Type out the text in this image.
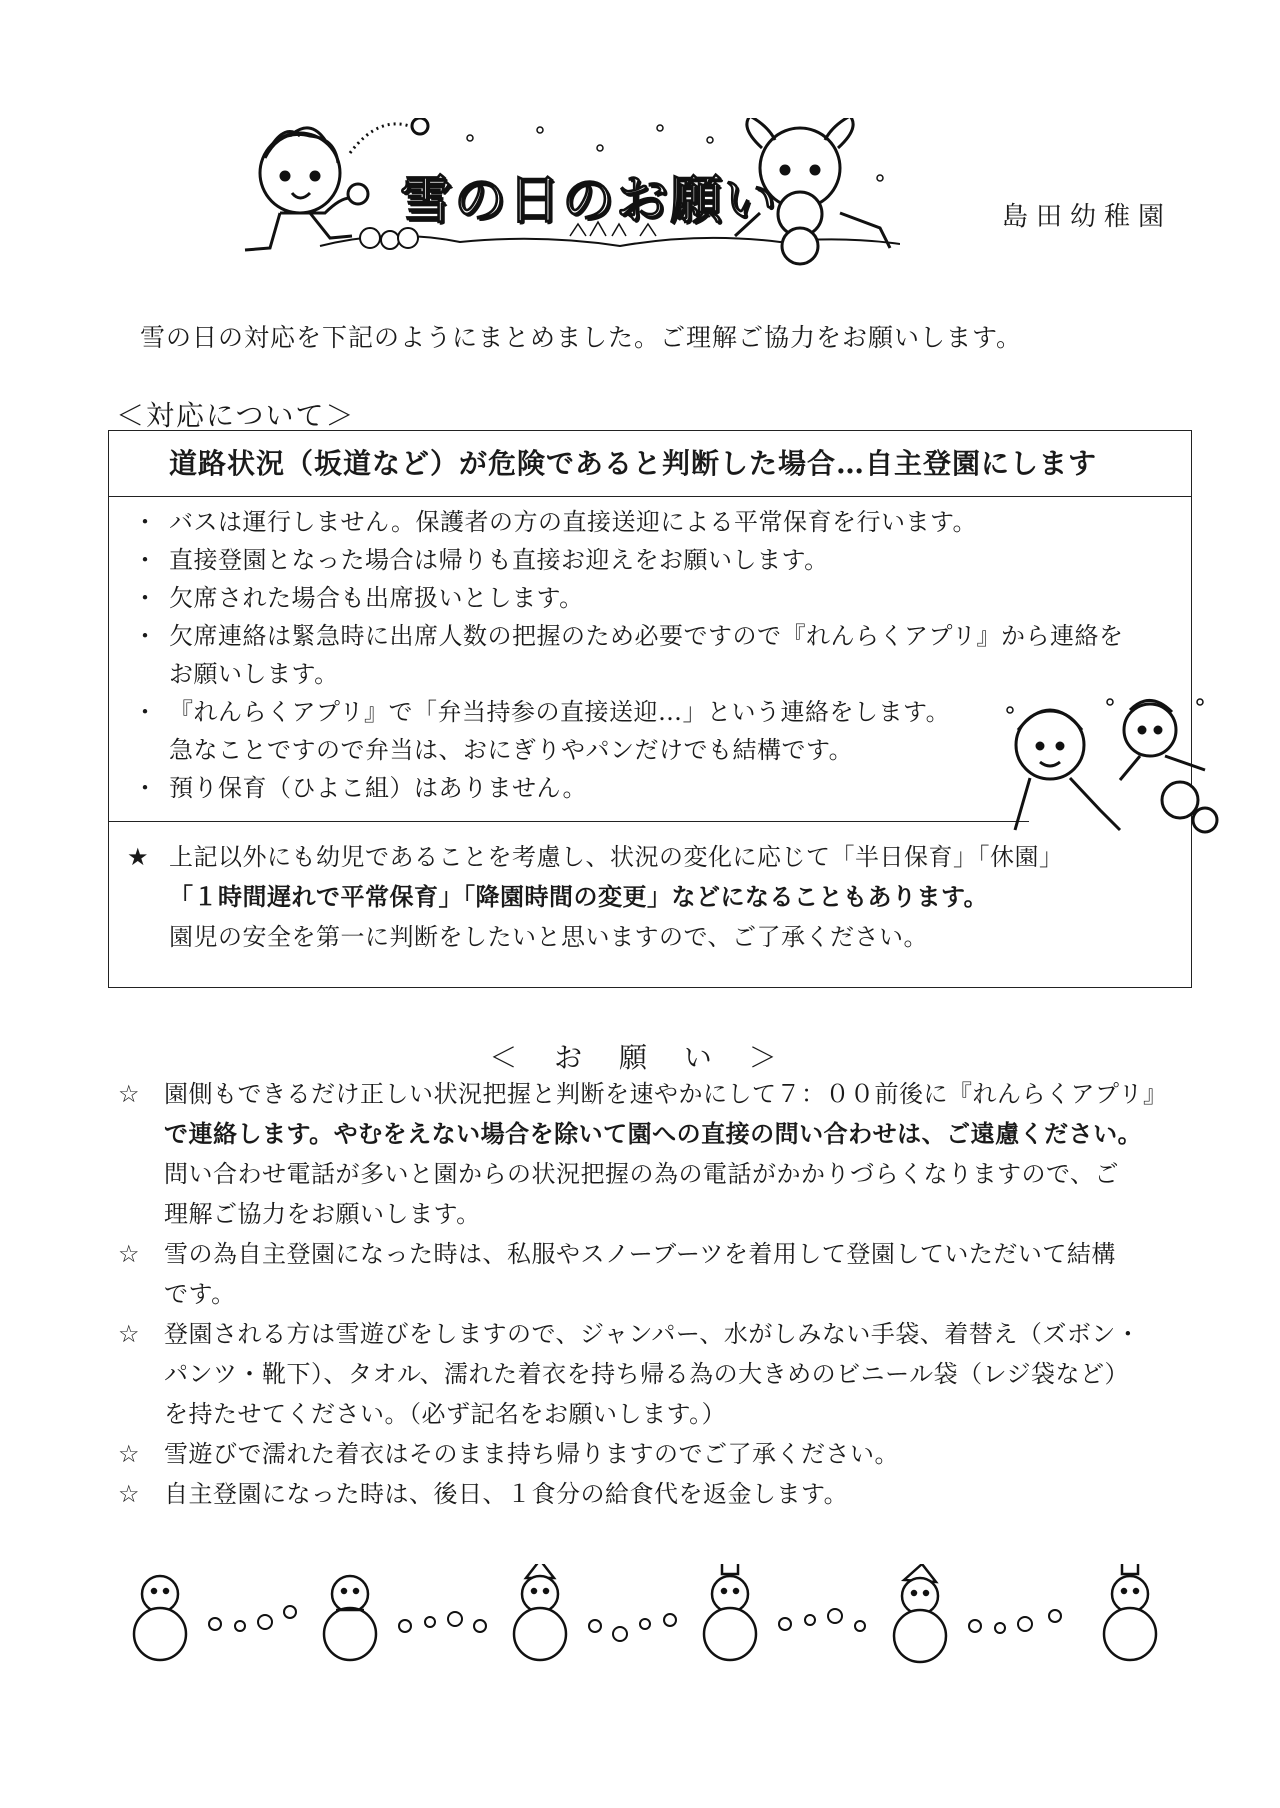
雪の日のお願い	島田幼稚園
雪の日の対応を下記のようにまとめました。ご理解ご協力をお願いします。
＜対応について＞
道路状況（坂道など）が危険であると判断した場合…自主登園にします
・ バスは運行しません。保護者の方の直接送迎による平常保育を行います。
・ 直接登園となった場合は帰りも直接お迎えをお願いします。
・ 欠席された場合も出席扱いとします。
・ 欠席連絡は緊急時に出席人数の把握のため必要ですので『れんらくアプリ』から連絡を
お願いします。
・ 『れんらくアプリ』で「弁当持参の直接送迎…」という連絡をします。
急なことですので弁当は、おにぎりやパンだけでも結構です。
・ 預り保育（ひよこ組）はありません。
★ 上記以外にも幼児であることを考慮し、状況の変化に応じて「半日保育」「休園」

「１時間遅れで平常保育」「降園時間の変更」などになることもあります。

園児の安全を第一に判断をしたいと思いますので、ご了承ください。

＜ お 願 い ＞
☆ 園側もできるだけ正しい状況把握と判断を速やかにして７：００前後に『れんらくアプリ』
で連絡します。やむをえない場合を除いて園への直接の問い合わせは、ご遠慮ください。
問い合わせ電話が多いと園からの状況把握の為の電話がかかりづらくなりますので、ご
理解ご協力をお願いします。
☆ 雪の為自主登園になった時は、私服やスノーブーツを着用して登園していただいて結構
です。
☆ 登園される方は雪遊びをしますので、ジャンパー、水がしみない手袋、着替え（ズボン・
パンツ・靴下）、タオル、濡れた着衣を持ち帰る為の大きめのビニール袋（レジ袋など）
を持たせてください。（必ず記名をお願いします。）
☆ 雪遊びで濡れた着衣はそのまま持ち帰りますのでご了承ください。
☆ 自主登園になった時は、後日、１食分の給食代を返金します。
